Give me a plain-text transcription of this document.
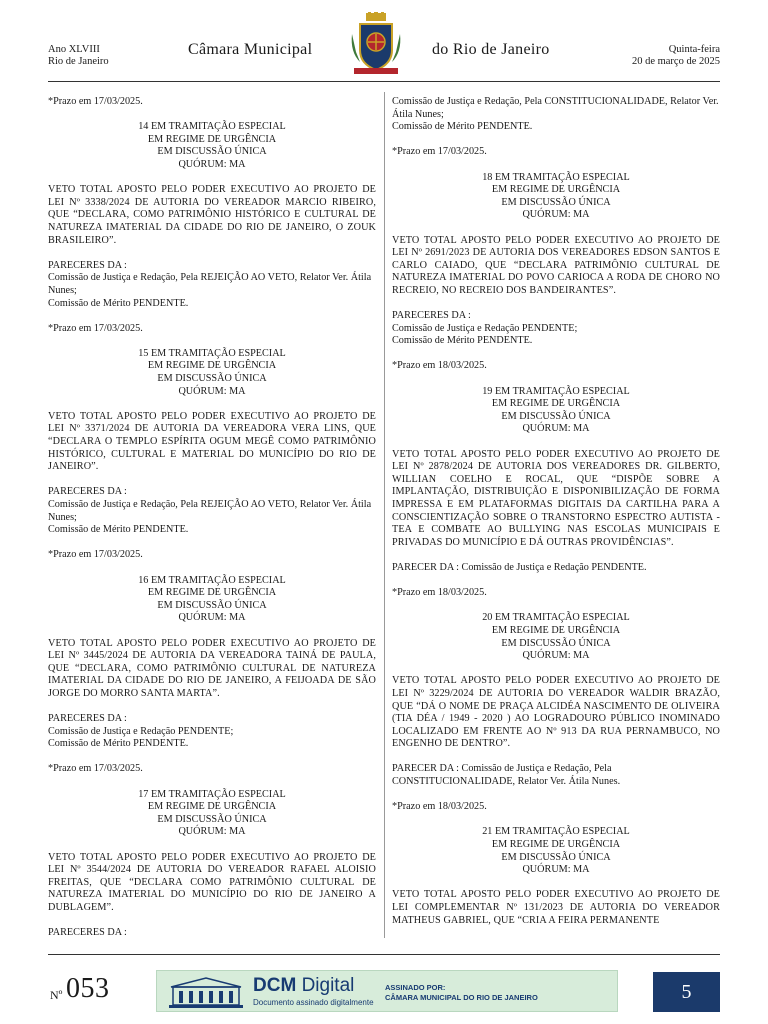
Ano XLVIII
Rio de Janeiro
Câmara Municipal	do Rio de Janeiro	Quinta-feira
20 de março de 2025
*Prazo em 17/03/2025.
14 EM TRAMITAÇÃO ESPECIAL
EM REGIME DE URGÊNCIA
EM DISCUSSÃO ÚNICA
QUÓRUM: MA
VETO TOTAL APOSTO PELO PODER EXECUTIVO AO PROJETO DE LEI Nº 3338/2024 DE AUTORIA DO VEREADOR MARCIO RIBEIRO, QUE “DECLARA, COMO PATRIMÔNIO HISTÓRICO E CULTURAL DE NATUREZA IMATERIAL DA CIDADE DO RIO DE JANEIRO, O ZOUK BRASILEIRO”.
PARECERES DA :
Comissão de Justiça e Redação, Pela REJEIÇÃO AO VETO, Relator Ver. Átila Nunes;
Comissão de Mérito PENDENTE.
*Prazo em 17/03/2025.
15 EM TRAMITAÇÃO ESPECIAL
EM REGIME DE URGÊNCIA
EM DISCUSSÃO ÚNICA
QUÓRUM: MA
VETO TOTAL APOSTO PELO PODER EXECUTIVO AO PROJETO DE LEI Nº 3371/2024 DE AUTORIA DA VEREADORA VERA LINS, QUE “DECLARA O TEMPLO ESPÍRITA OGUM MEGÊ COMO PATRIMÔNIO HISTÓRICO, CULTURAL E MATERIAL DO MUNICÍPIO DO RIO DE JANEIRO”.
PARECERES DA :
Comissão de Justiça e Redação, Pela REJEIÇÃO AO VETO, Relator Ver. Átila Nunes;
Comissão de Mérito PENDENTE.
*Prazo em 17/03/2025.
16 EM TRAMITAÇÃO ESPECIAL
EM REGIME DE URGÊNCIA
EM DISCUSSÃO ÚNICA
QUÓRUM: MA
VETO TOTAL APOSTO PELO PODER EXECUTIVO AO PROJETO DE LEI Nº 3445/2024 DE AUTORIA DA VEREADORA TAINÁ DE PAULA, QUE “DECLARA, COMO PATRIMÔNIO CULTURAL DE NATUREZA IMATERIAL DA CIDADE DO RIO DE JANEIRO, A FEIJOADA DE SÃO JORGE DO MORRO SANTA MARTA”.
PARECERES DA :
Comissão de Justiça e Redação PENDENTE;
Comissão de Mérito PENDENTE.
*Prazo em 17/03/2025.
17 EM TRAMITAÇÃO ESPECIAL
EM REGIME DE URGÊNCIA
EM DISCUSSÃO ÚNICA
QUÓRUM: MA
VETO TOTAL APOSTO PELO PODER EXECUTIVO AO PROJETO DE LEI Nº 3544/2024 DE AUTORIA DO VEREADOR RAFAEL ALOISIO FREITAS, QUE “DECLARA COMO PATRIMÔNIO CULTURAL DE NATUREZA IMATERIAL DO MUNICÍPIO DO RIO DE JANEIRO A DUBLAGEM”.
PARECERES DA :
Comissão de Justiça e Redação, Pela CONSTITUCIONALIDADE, Relator Ver. Átila Nunes;
Comissão de Mérito PENDENTE.
*Prazo em 17/03/2025.
18 EM TRAMITAÇÃO ESPECIAL
EM REGIME DE URGÊNCIA
EM DISCUSSÃO ÚNICA
QUÓRUM: MA
VETO TOTAL APOSTO PELO PODER EXECUTIVO AO PROJETO DE LEI Nº 2691/2023 DE AUTORIA DOS VEREADORES EDSON SANTOS E CARLO CAIADO, QUE “DECLARA PATRIMÔNIO CULTURAL DE NATUREZA IMATERIAL DO POVO CARIOCA A RODA DE CHORO NO RECREIO, NO RECREIO DOS BANDEIRANTES”.
PARECERES DA :
Comissão de Justiça e Redação PENDENTE;
Comissão de Mérito PENDENTE.
*Prazo em 18/03/2025.
19 EM TRAMITAÇÃO ESPECIAL
EM REGIME DE URGÊNCIA
EM DISCUSSÃO ÚNICA
QUÓRUM: MA
VETO TOTAL APOSTO PELO PODER EXECUTIVO AO PROJETO DE LEI Nº 2878/2024 DE AUTORIA DOS VEREADORES DR. GILBERTO, WILLIAN COELHO E ROCAL, QUE “DISPÕE SOBRE A IMPLANTAÇÃO, DISTRIBUIÇÃO E DISPONIBILIZAÇÃO DE FORMA IMPRESSA E EM PLATAFORMAS DIGITAIS DA CARTILHA PARA A CONSCIENTIZAÇÃO SOBRE O TRANSTORNO ESPECTRO AUTISTA - TEA E COMBATE AO BULLYING NAS ESCOLAS MUNICIPAIS E PRIVADAS DO MUNICÍPIO E DÁ OUTRAS PROVIDÊNCIAS”.
PARECER DA : Comissão de Justiça e Redação PENDENTE.
*Prazo em 18/03/2025.
20 EM TRAMITAÇÃO ESPECIAL
EM REGIME DE URGÊNCIA
EM DISCUSSÃO ÚNICA
QUÓRUM: MA
VETO TOTAL APOSTO PELO PODER EXECUTIVO AO PROJETO DE LEI Nº 3229/2024 DE AUTORIA DO VEREADOR WALDIR BRAZÃO, QUE “DÁ O NOME DE PRAÇA ALCIDÉA NASCIMENTO DE OLIVEIRA (TIA DÉA / 1949 - 2020 ) AO LOGRADOURO PÚBLICO INOMINADO LOCALIZADO EM FRENTE AO Nº 913 DA RUA PERNAMBUCO, NO ENGENHO DE DENTRO”.
PARECER DA : Comissão de Justiça e Redação, Pela CONSTITUCIONALIDADE, Relator Ver. Átila Nunes.
*Prazo em 18/03/2025.
21 EM TRAMITAÇÃO ESPECIAL
EM REGIME DE URGÊNCIA
EM DISCUSSÃO ÚNICA
QUÓRUM: MA
VETO TOTAL APOSTO PELO PODER EXECUTIVO AO PROJETO DE LEI COMPLEMENTAR Nº 131/2023 DE AUTORIA DO VEREADOR MATHEUS GABRIEL, QUE “CRIA A FEIRA PERMANENTE
Nº 053	DCM Digital
Documento assinado digitalmente
ASSINADO POR:
CÂMARA MUNICIPAL DO RIO DE JANEIRO	5
